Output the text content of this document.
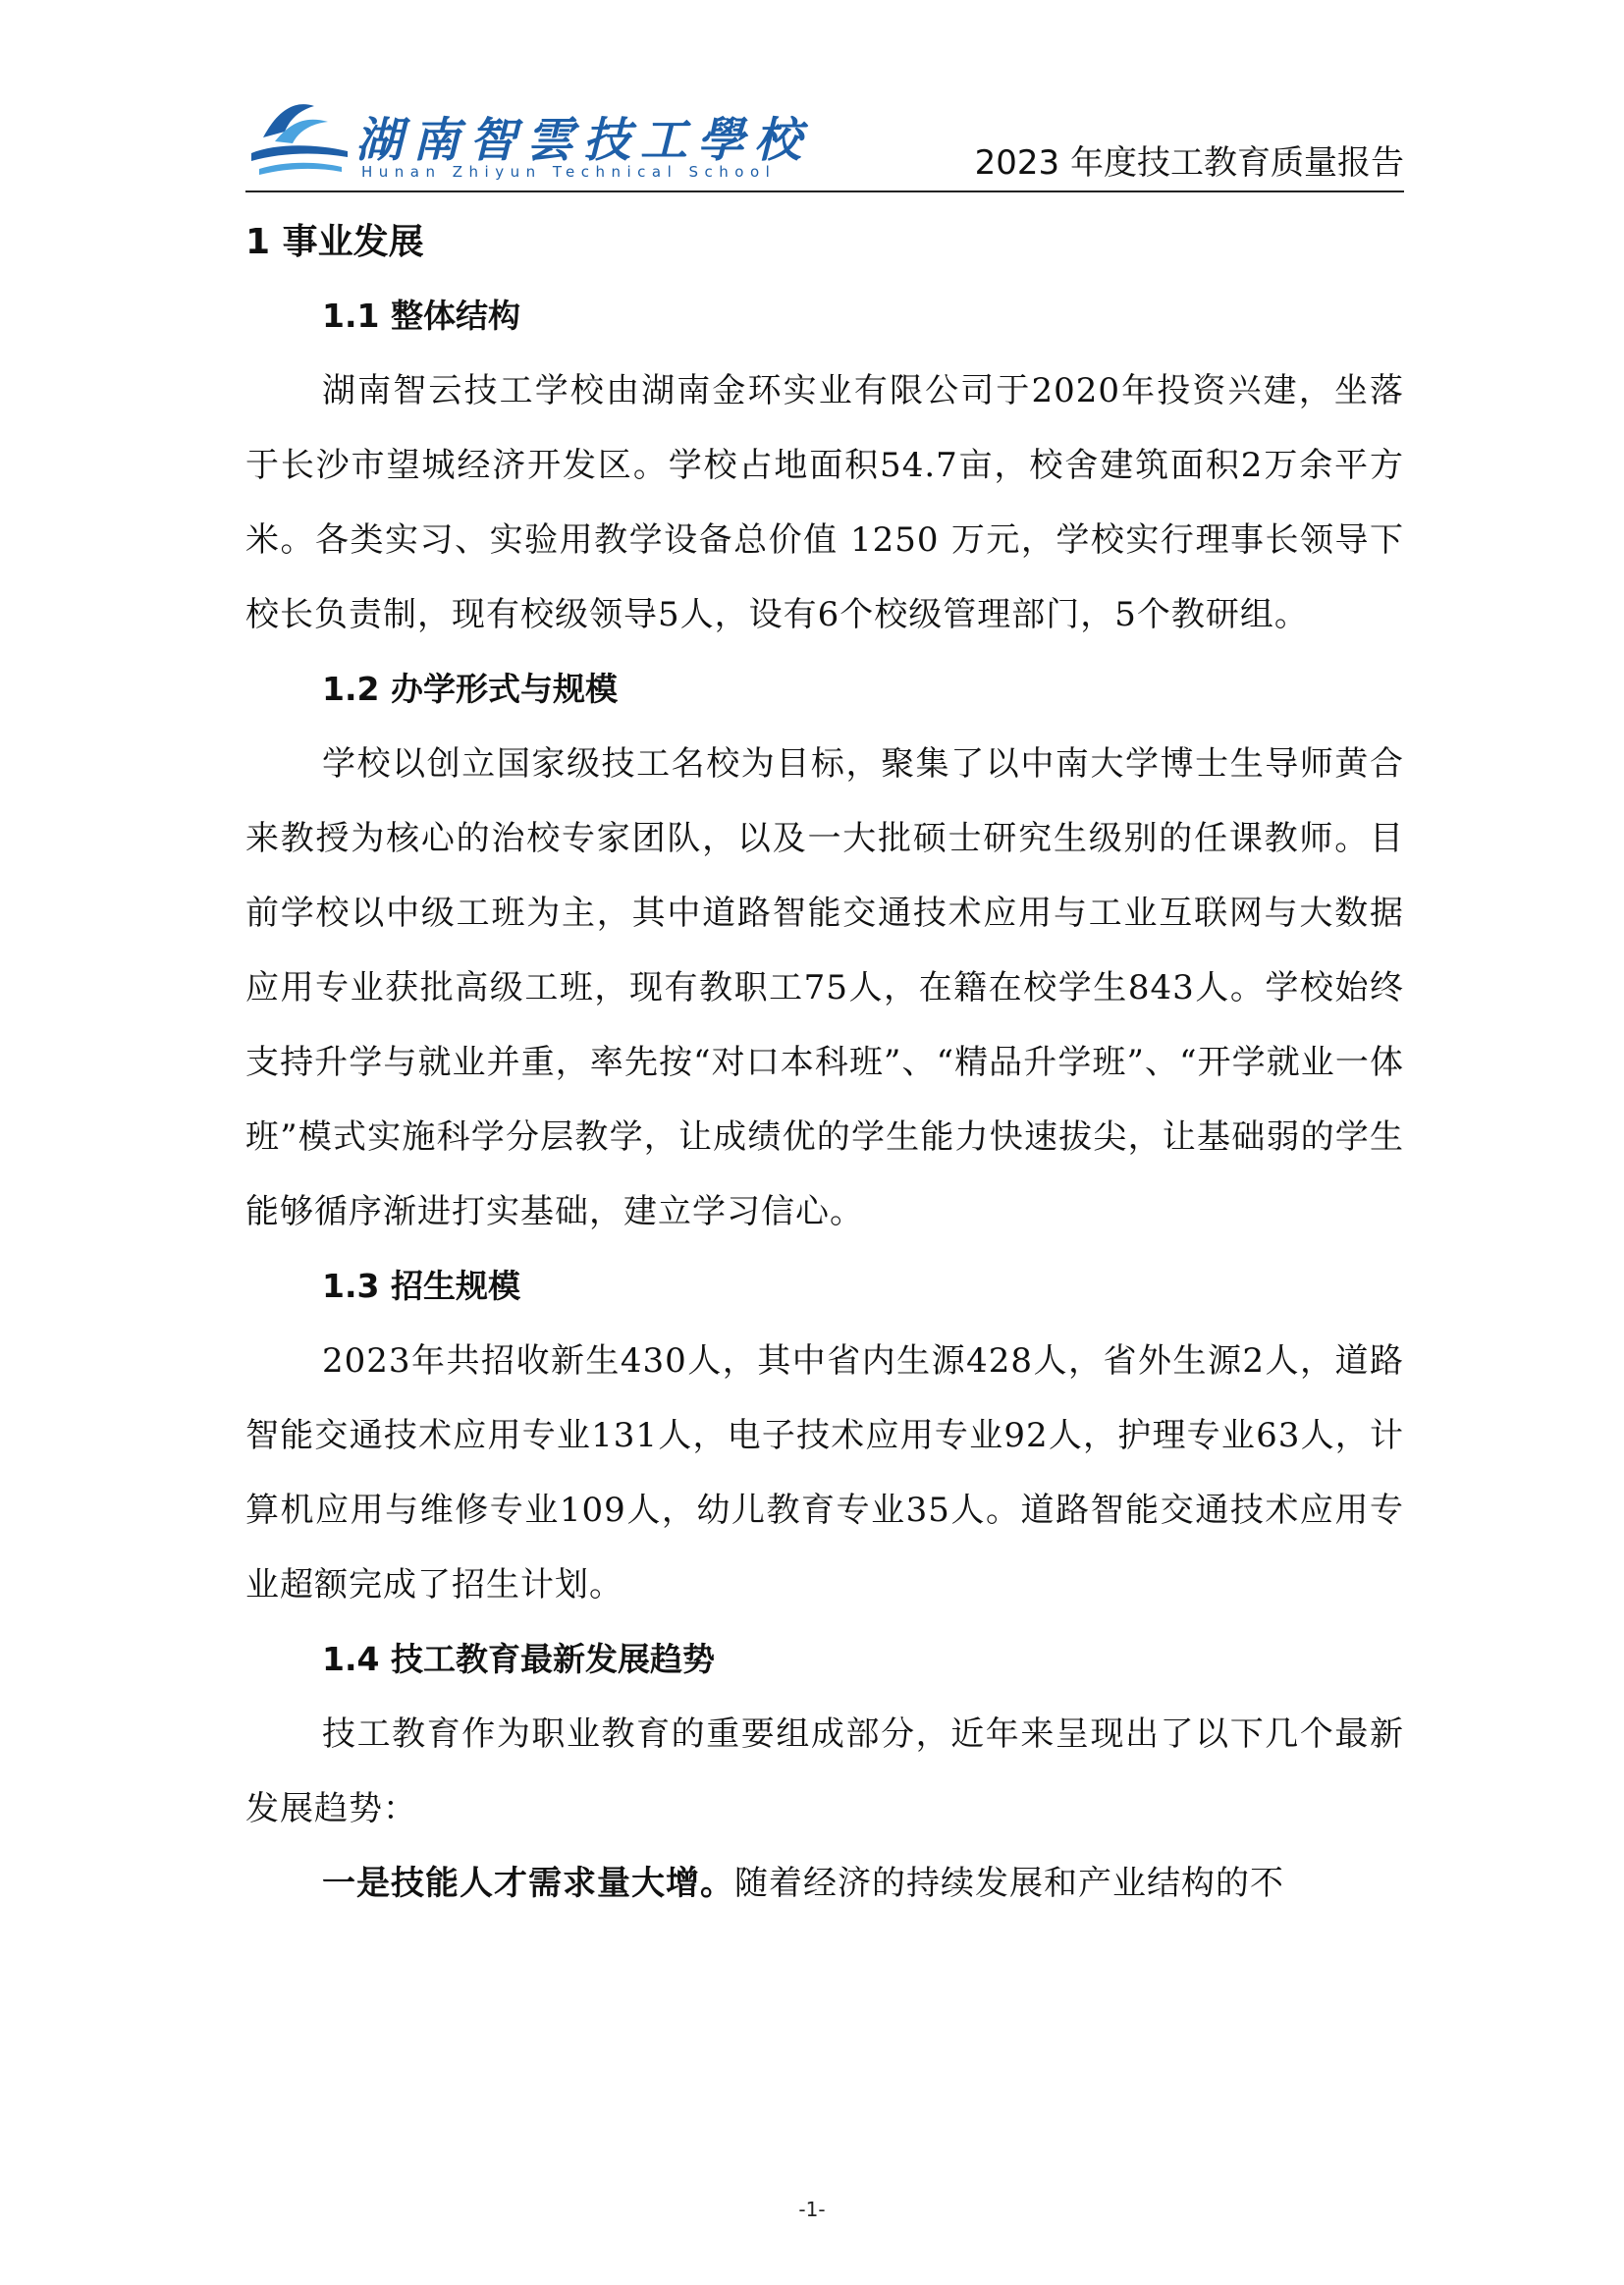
湖南智雲技工學校
Hunan Zhiyun Technical School	2023 年度技工教育质量报告
1 事业发展
1.1 整体结构

湖南智云技工学校由湖南金环实业有限公司于2020年投资兴建，坐落于长沙市望城经济开发区。学校占地面积54.7亩，校舍建筑面积2万余平方米。各类实习、实验用教学设备总价值 1250 万元，学校实行理事长领导下校长负责制，现有校级领导5人，设有6个校级管理部门，5个教研组。

1.2 办学形式与规模

学校以创立国家级技工名校为目标，聚集了以中南大学博士生导师黄合来教授为核心的治校专家团队，以及一大批硕士研究生级别的任课教师。目前学校以中级工班为主，其中道路智能交通技术应用与工业互联网与大数据应用专业获批高级工班，现有教职工75人，在籍在校学生843人。学校始终支持升学与就业并重，率先按“对口本科班”、“精品升学班”、“开学就业一体班”模式实施科学分层教学，让成绩优的学生能力快速拔尖，让基础弱的学生能够循序渐进打实基础，建立学习信心。

1.3 招生规模

2023年共招收新生430人，其中省内生源428人，省外生源2人，道路智能交通技术应用专业131人，电子技术应用专业92人，护理专业63人，计算机应用与维修专业109人，幼儿教育专业35人。道路智能交通技术应用专业超额完成了招生计划。

1.4 技工教育最新发展趋势

技工教育作为职业教育的重要组成部分，近年来呈现出了以下几个最新发展趋势：

一是技能人才需求量大增。随着经济的持续发展和产业结构的不

-1-
